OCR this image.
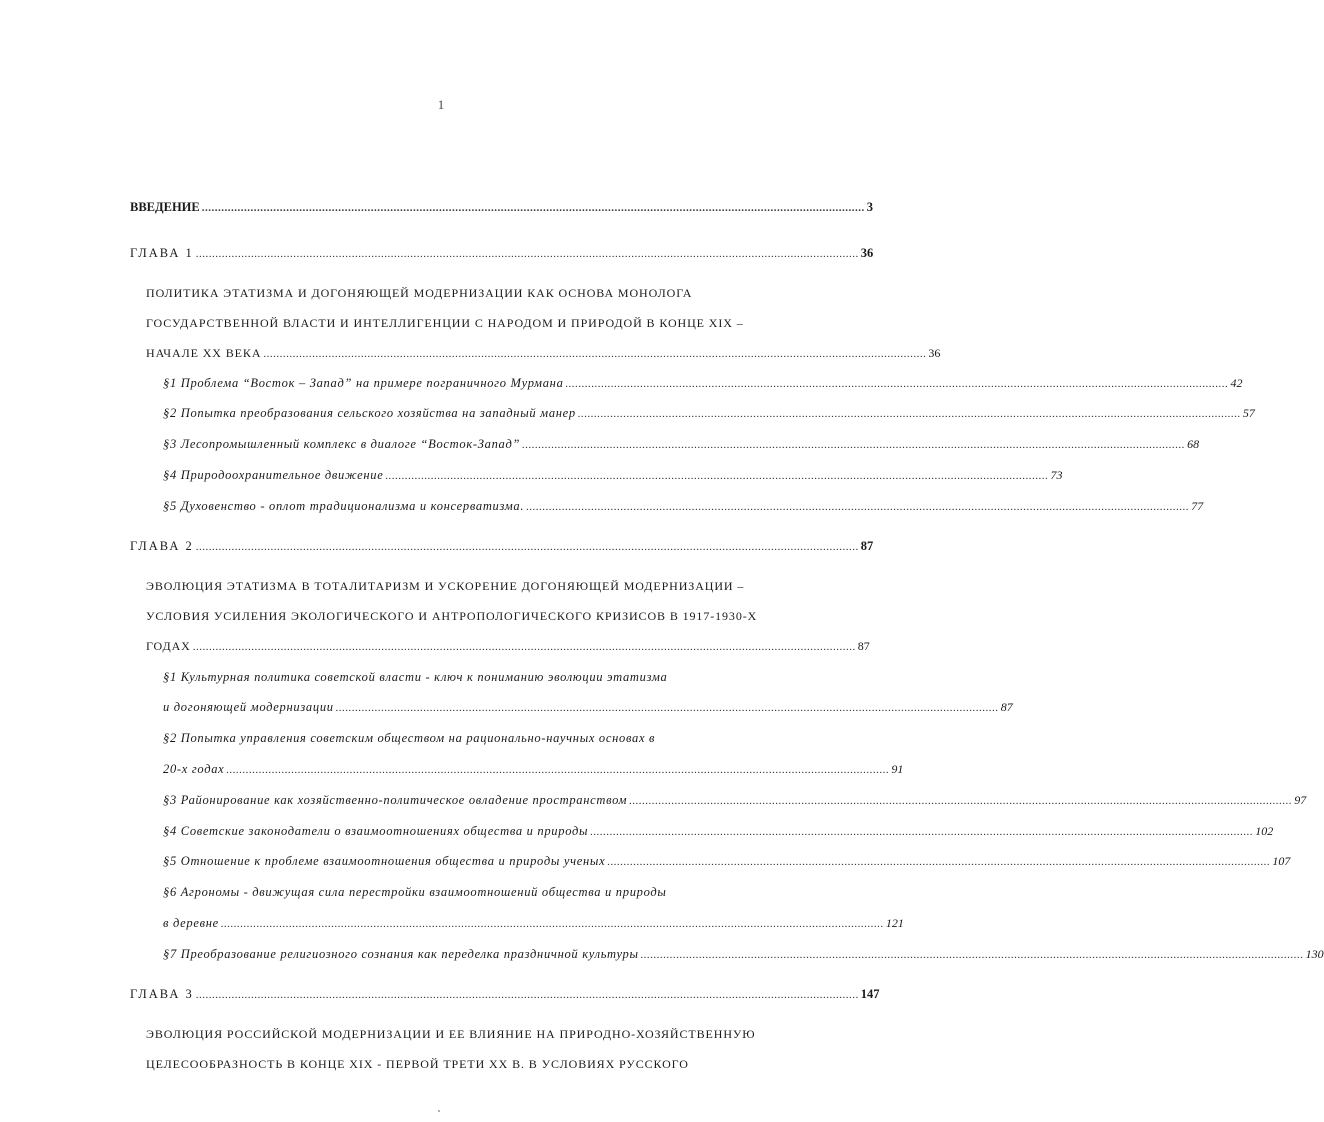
1
ВВЕДЕНИЕ ............................................................................................................................................................................................................ 3
ГЛАВА 1 ............................................................................................................................................................................................................ 36
ПОЛИТИКА ЭТАТИЗМА И ДОГОНЯЮЩЕЙ МОДЕРНИЗАЦИИ КАК ОСНОВА МОНОЛОГА
ГОСУДАРСТВЕННОЙ ВЛАСТИ И ИНТЕЛЛИГЕНЦИИ С НАРОДОМ И ПРИРОДОЙ В КОНЦЕ XIX –
НАЧАЛЕ XX ВЕКА ............................................................................................................................................................................................................ 36
§1 Проблема “Восток – Запад” на примере пограничного Мурмана ............................................................................................................................................................................................................ 42
§2 Попытка преобразования сельского хозяйства на западный манер ............................................................................................................................................................................................................ 57
§3 Лесопромышленный комплекс в диалоге “Восток-Запад” ............................................................................................................................................................................................................ 68
§4 Природоохранительное движение ............................................................................................................................................................................................................ 73
§5 Духовенство - оплот традиционализма и консерватизма. ............................................................................................................................................................................................................ 77
ГЛАВА 2 ............................................................................................................................................................................................................ 87
ЭВОЛЮЦИЯ ЭТАТИЗМА В ТОТАЛИТАРИЗМ И УСКОРЕНИЕ ДОГОНЯЮЩЕЙ МОДЕРНИЗАЦИИ –
УСЛОВИЯ УСИЛЕНИЯ ЭКОЛОГИЧЕСКОГО И АНТРОПОЛОГИЧЕСКОГО КРИЗИСОВ В 1917-1930-Х
ГОДАХ ............................................................................................................................................................................................................ 87
§1 Культурная политика советской власти - ключ к пониманию эволюции этатизма
и догоняющей модернизации ............................................................................................................................................................................................................ 87
§2 Попытка управления советским обществом на рационально-научных основах в
20-х годах ............................................................................................................................................................................................................ 91
§3 Районирование как хозяйственно-политическое овладение пространством ............................................................................................................................................................................................................ 97
§4 Советские законодатели о взаимоотношениях общества и природы ............................................................................................................................................................................................................ 102
§5 Отношение к проблеме взаимоотношения общества и природы ученых ............................................................................................................................................................................................................ 107
§6 Агрономы - движущая сила перестройки взаимоотношений общества и природы
в деревне ............................................................................................................................................................................................................ 121
§7 Преобразование религиозного сознания как переделка праздничной культуры ............................................................................................................................................................................................................ 130
ГЛАВА 3 ............................................................................................................................................................................................................ 147
ЭВОЛЮЦИЯ РОССИЙСКОЙ МОДЕРНИЗАЦИИ И ЕЕ ВЛИЯНИЕ НА ПРИРОДНО-ХОЗЯЙСТВЕННУЮ
ЦЕЛЕСООБРАЗНОСТЬ В КОНЦЕ XIX - ПЕРВОЙ ТРЕТИ XX В. В УСЛОВИЯХ РУССКОГО
